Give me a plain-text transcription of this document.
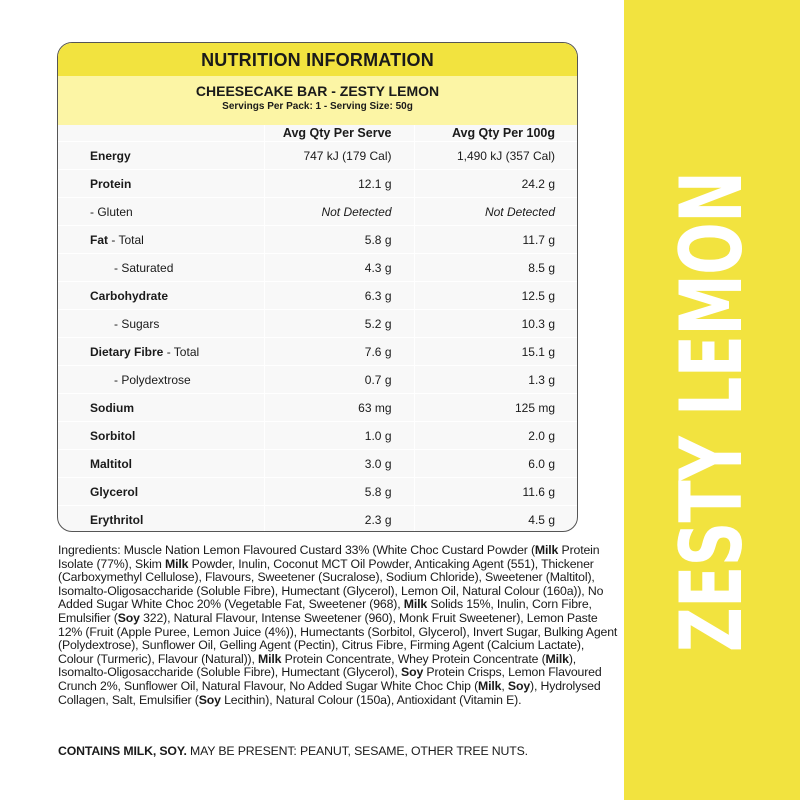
ZESTY LEMON
NUTRITION INFORMATION
CHEESECAKE BAR - ZESTY LEMON
Servings Per Pack: 1 - Serving Size: 50g
	Avg Qty Per Serve	Avg Qty Per 100g
Energy	747 kJ (179 Cal)	1,490 kJ (357 Cal)
Protein	12.1 g	24.2 g
- Gluten	Not Detected	Not Detected
Fat - Total	5.8 g	11.7 g
- Saturated	4.3 g	8.5 g
Carbohydrate	6.3 g	12.5 g
- Sugars	5.2 g	10.3 g
Dietary Fibre - Total	7.6 g	15.1 g
- Polydextrose	0.7 g	1.3 g
Sodium	63 mg	125 mg
Sorbitol	1.0 g	2.0 g
Maltitol	3.0 g	6.0 g
Glycerol	5.8 g	11.6 g
Erythritol	2.3 g	4.5 g
Ingredients: Muscle Nation Lemon Flavoured Custard 33% (White Choc Custard Powder (Milk Protein Isolate (77%), Skim Milk Powder, Inulin, Coconut MCT Oil Powder, Anticaking Agent (551), Thickener (Carboxymethyl Cellulose), Flavours, Sweetener (Sucralose), Sodium Chloride), Sweetener (Maltitol), Isomalto-Oligosaccharide (Soluble Fibre), Humectant (Glycerol), Lemon Oil, Natural Colour (160a)), No Added Sugar White Choc 20% (Vegetable Fat, Sweetener (968), Milk Solids 15%, Inulin, Corn Fibre, Emulsifier (Soy 322), Natural Flavour, Intense Sweetener (960), Monk Fruit Sweetener), Lemon Paste 12% (Fruit (Apple Puree, Lemon Juice (4%)), Humectants (Sorbitol, Glycerol), Invert Sugar, Bulking Agent (Polydextrose), Sunflower Oil, Gelling Agent (Pectin), Citrus Fibre, Firming Agent (Calcium Lactate), Colour (Turmeric), Flavour (Natural)), Milk Protein Concentrate, Whey Protein Concentrate (Milk), Isomalto-Oligosaccharide (Soluble Fibre), Humectant (Glycerol), Soy Protein Crisps, Lemon Flavoured Crunch 2%, Sunflower Oil, Natural Flavour, No Added Sugar White Choc Chip (Milk, Soy), Hydrolysed Collagen, Salt, Emulsifier (Soy Lecithin), Natural Colour (150a), Antioxidant (Vitamin E).
CONTAINS MILK, SOY. MAY BE PRESENT: PEANUT, SESAME, OTHER TREE NUTS.
